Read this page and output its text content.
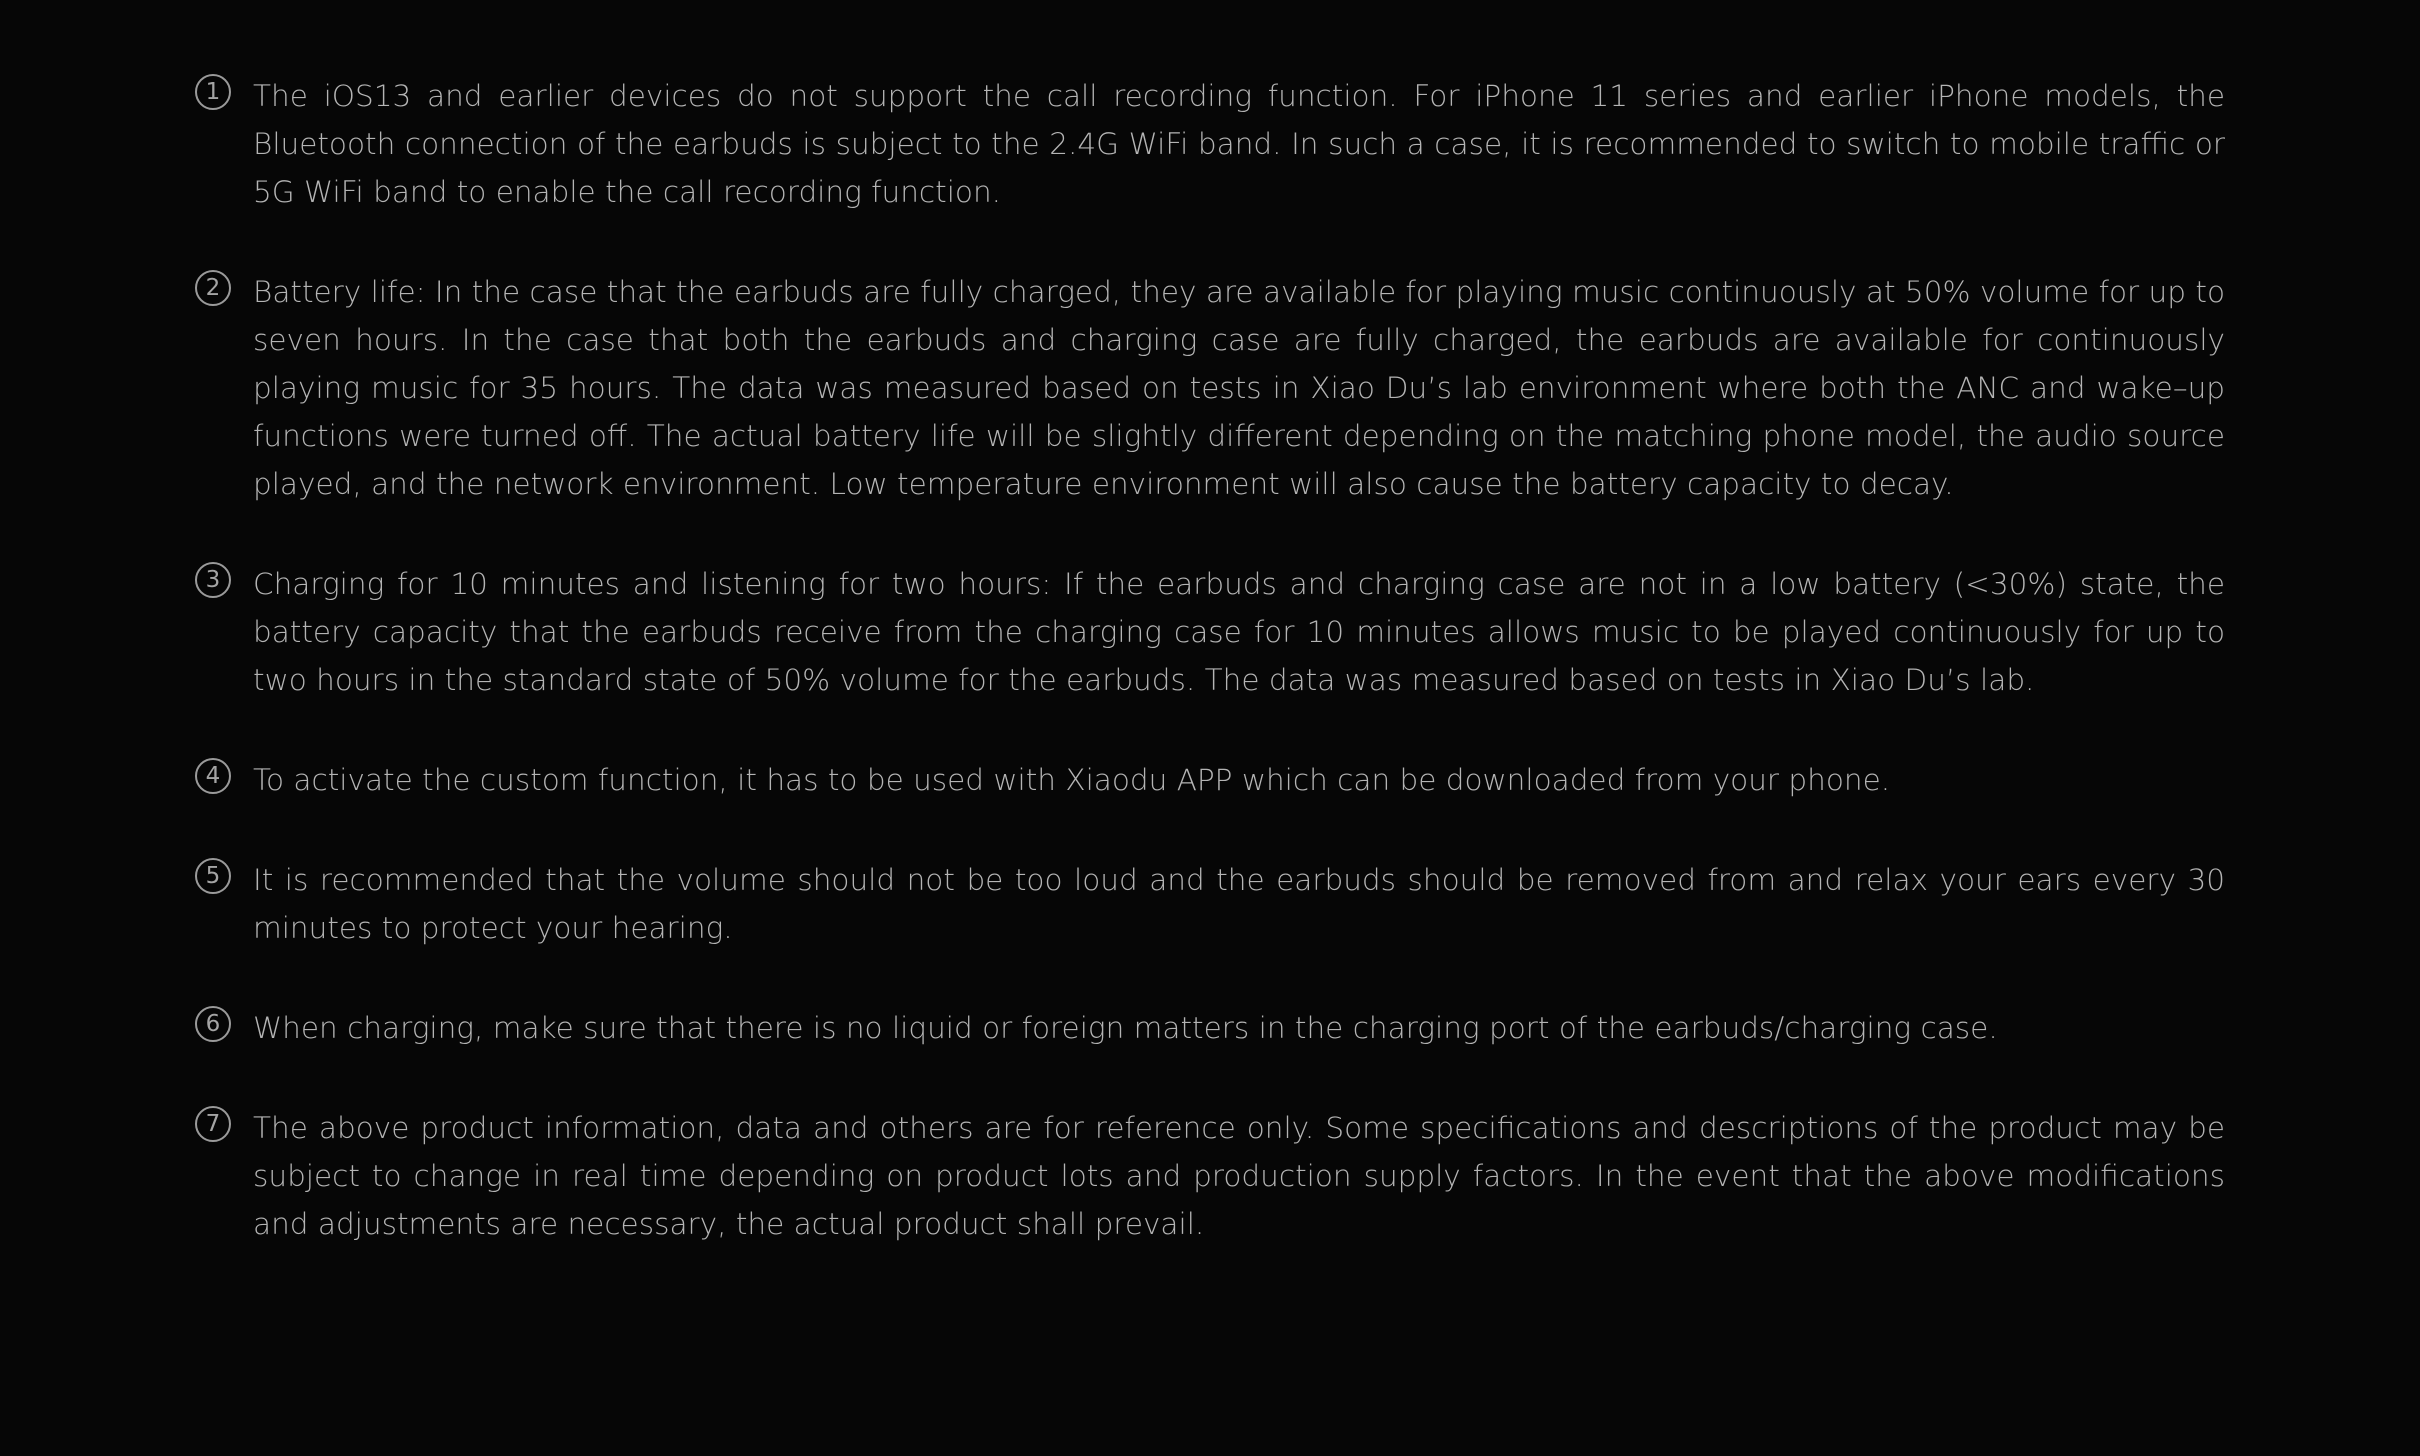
1	The iOS13 and earlier devices do not support the call recording function. For iPhone 11 series and earlier iPhone models, the Bluetooth connection of the earbuds is subject to the 2.4G WiFi band. In such a case, it is recommended to switch to mobile traffic or 5G WiFi band to enable the call recording function.
2	Battery life: In the case that the earbuds are fully charged, they are available for playing music continuously at 50% volume for up to seven hours. In the case that both the earbuds and charging case are fully charged, the earbuds are available for continuously playing music for 35 hours. The data was measured based on tests in Xiao Du’s lab environment where both the ANC and wake–up functions were turned off. The actual battery life will be slightly different depending on the matching phone model, the audio source played, and the network environment. Low temperature environment will also cause the battery capacity to decay.
3	Charging for 10 minutes and listening for two hours: If the earbuds and charging case are not in a low battery (<30%) state, the battery capacity that the earbuds receive from the charging case for 10 minutes allows music to be played continuously for up to two hours in the standard state of 50% volume for the earbuds. The data was measured based on tests in Xiao Du’s lab.
4	To activate the custom function, it has to be used with Xiaodu APP which can be downloaded from your phone.
5	It is recommended that the volume should not be too loud and the earbuds should be removed from and relax your ears every 30 minutes to protect your hearing.
6	When charging, make sure that there is no liquid or foreign matters in the charging port of the earbuds/charging case.
7	The above product information, data and others are for reference only. Some specifications and descriptions of the product may be subject to change in real time depending on product lots and production supply factors. In the event that the above modifications and adjustments are necessary, the actual product shall prevail.
